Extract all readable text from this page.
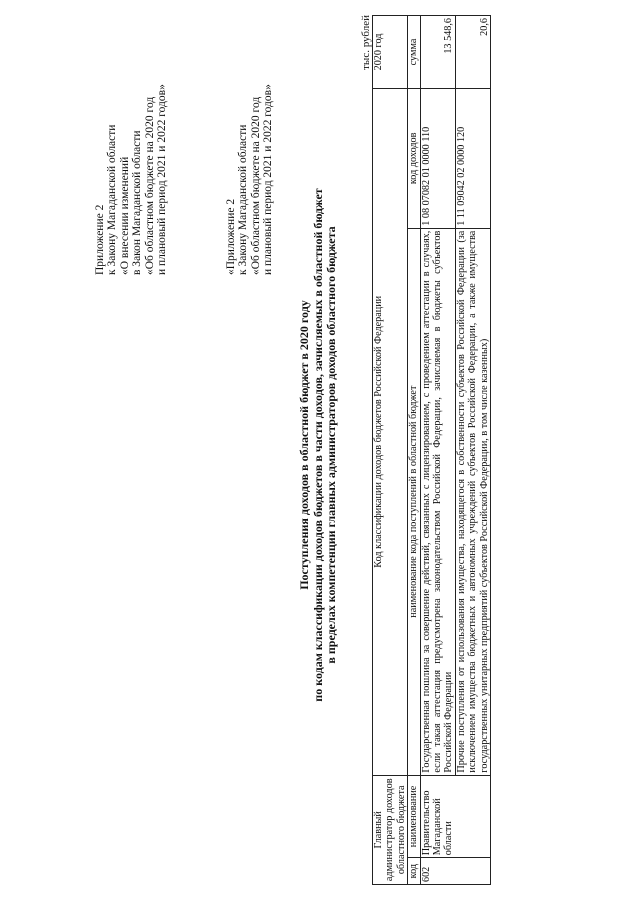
Приложение 2 к Закону Магаданской области «О внесении изменений в Закон Магаданской области «Об областном бюджете на 2020 год и плановый период 2021 и 2022 годов»	«Приложение 2 к Закону Магаданской области «Об областном бюджете на 2020 год и плановый период 2021 и 2022 годов»
Поступления доходов в областной бюджет в 2020 году по кодам классификации доходов бюджетов в части доходов, зачисляемых в областной бюджет в пределах компетенции главных администраторов доходов областного бюджета
тыс. рублей
Главный администратор доходов областного бюджета		Код классификации доходов бюджетов Российской Федерации		2020 год
код	наименование	наименование кода поступлений в областной бюджет	код доходов	сумма
602	Правительство Магаданской области	Государственная пошлина за совершение действий, связанных с лицензированием, с проведением аттестации в случаях, если такая аттестация предусмотрена законодательством Российской Федерации, зачисляемая в бюджеты субъектов Российской Федерации	1 08 07082 01 0000 110	13 548,6
		Прочие поступления от использования имущества, находящегося в собственности субъектов Российской Федерации (за исключением имущества бюджетных и автономных учреждений субъектов Российской Федерации, а также имущества государственных унитарных предприятий субъектов Российской Федерации, в том числе казенных)	1 11 09042 02 0000 120	20,6
